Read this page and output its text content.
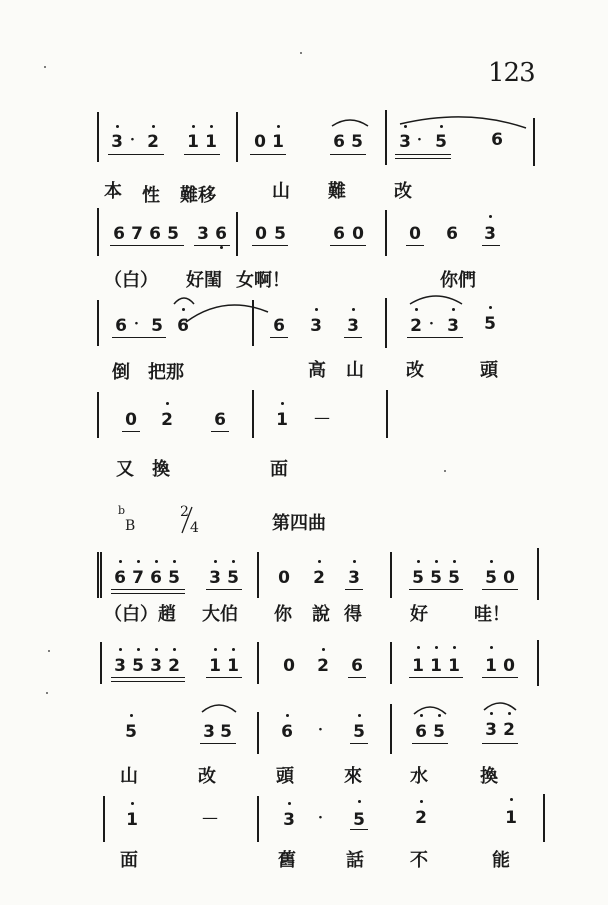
123
3 · 2 1 1 0 1	6 5 3 · 5	6
本 性 難移	山 難	改
6 7 6 5 3 6 0 5	6 0	0 6 3
（白） 好閨 女啊！	你們
6 · 5 6	6 3 3	2 · 3 5
倒 把那	高 山 改	頭
0 2 6	1 —
又 換	面
b
B
2
4	第四曲
6 7 6 5 3 5 0 2 3	5 5 5 5 0
（白）趙 大伯 你 說 得	好	哇！
3 5 3 2 1 1	0 2 6	1 1 1 1 0
5	3 5	6 · 5	6 5 3 2
山	改	頭	來	水	換
1	—	3 · 5	2	1
面	舊	話	不	能
